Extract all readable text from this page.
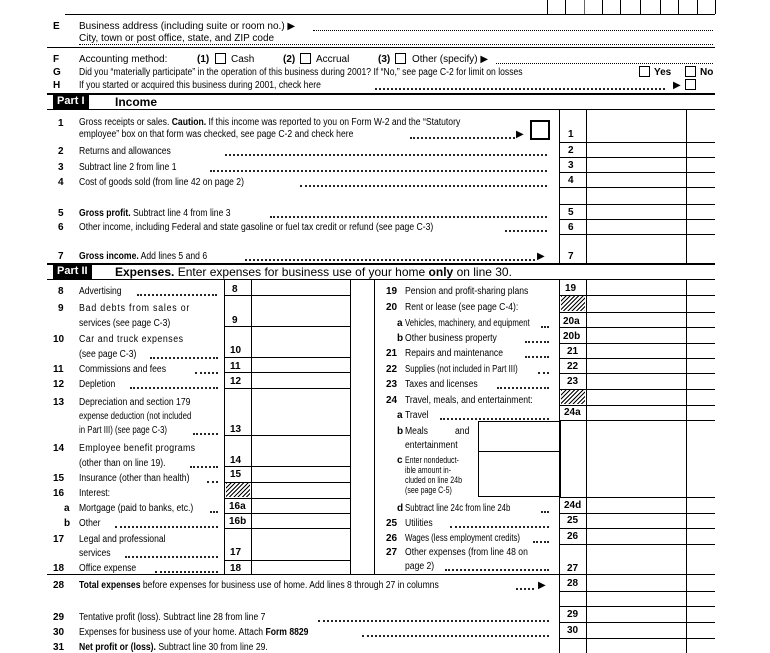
E Business address (including suite or room no.) ▶
City, town or post office, state, and ZIP code
F Accounting method:	(1) Cash	(2) Accrual	(3) Other (specify) ▶
G Did you “materially participate” in the operation of this business during 2001? If “No,” see page C-2 for limit on losses	Yes	No
H If you started or acquired this business during 2001, check here	▶
Part I	Income
1 Gross receipts or sales. Caution. If this income was reported to you on Form W-2 and the “Statutory
employee” box on that form was checked, see page C-2 and check here	▶	1
2 Returns and allowances	2
3 Subtract line 2 from line 1	3
4 Cost of goods sold (from line 42 on page 2)	4
5 Gross profit. Subtract line 4 from line 3	5
6 Other income, including Federal and state gasoline or fuel tax credit or refund (see page C-3)	6
7 Gross income. Add lines 5 and 6	▶ 7
Part II	Expenses. Enter expenses for business use of your home only on line 30.
8 Advertising	8
9 Bad debts from sales or
services (see page C-3)	9
10 Car and truck expenses
(see page C-3)	10
11 Commissions and fees	11
12 Depletion	12
13 Depreciation and section 179
expense deduction (not included
in Part III) (see page C-3)	13
14 Employee benefit programs
(other than on line 19).	14
15 Insurance (other than health)	15
16 Interest:
a Mortgage (paid to banks, etc.)	16a
b Other	16b
17 Legal and professional
services	17
18 Office expense	18
19 Pension and profit-sharing plans	19
20 Rent or lease (see page C-4):
a Vehicles, machinery, and equipment	20a
b Other business property	20b
21 Repairs and maintenance	21
22 Supplies (not included in Part III)	22
23 Taxes and licenses	23
24 Travel, meals, and entertainment:
a Travel	24a
b Meals	and
entertainment
c Enter nondeduct-
ible amount in-
cluded on line 24b
(see page C-5)
d Subtract line 24c from line 24b	24d
25 Utilities	25
26 Wages (less employment credits)	26
27 Other expenses (from line 48 on
page 2)	27
28 Total expenses before expenses for business use of home. Add lines 8 through 27 in columns	▶ 28
29 Tentative profit (loss). Subtract line 28 from line 7	29
30 Expenses for business use of your home. Attach Form 8829	30
31 Net profit or (loss). Subtract line 30 from line 29.
